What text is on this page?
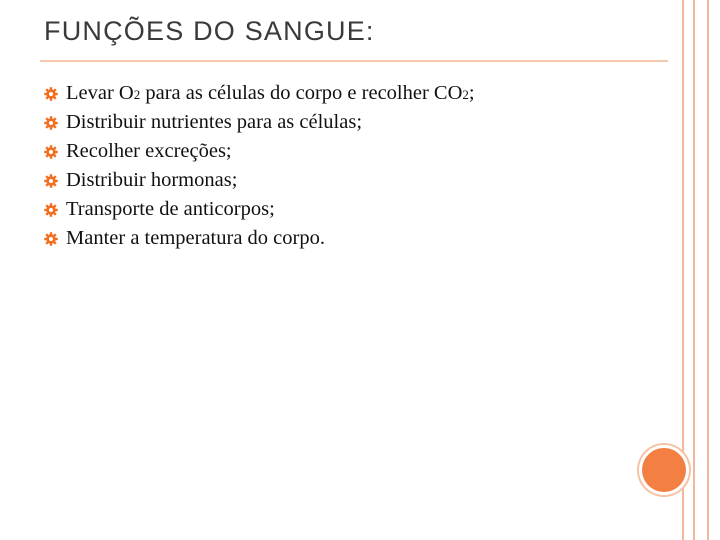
FUNÇÕES DO SANGUE:
Levar O2 para as células do corpo e recolher CO2;
Distribuir nutrientes para as células;
Recolher excreções;
Distribuir hormonas;
Transporte de anticorpos;
Manter a temperatura do corpo.
